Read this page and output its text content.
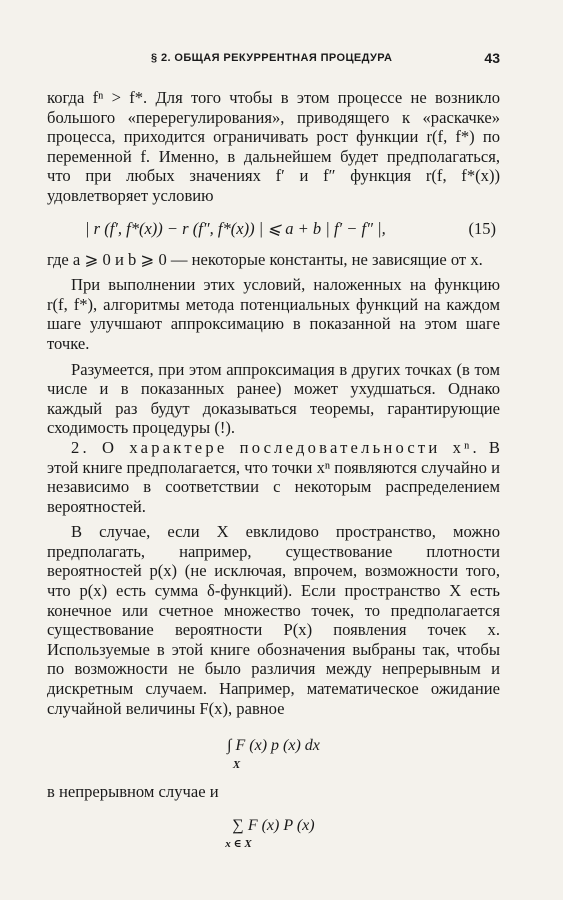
§ 2. ОБЩАЯ РЕКУРРЕНТНАЯ ПРОЦЕДУРА	43

когда fⁿ > f*. Для того чтобы в этом процессе не возникло большого «перерегулирования», приводящего к «раскачке» процесса, приходится ограничивать рост функции r(f, f*) по переменной f. Именно, в дальнейшем будет предполагаться, что при любых значениях f′ и f″ функция r(f, f*(x)) удовлетворяет условию

| r (f′, f*(x)) − r (f″, f*(x)) | ⩽ a + b | f′ − f″ |,	(15)

где a ⩾ 0 и b ⩾ 0 — некоторые константы, не зависящие от x.

При выполнении этих условий, наложенных на функцию r(f, f*), алгоритмы метода потенциальных функций на каждом шаге улучшают аппроксимацию в показанной на этом шаге точке.

Разумеется, при этом аппроксимация в других точках (в том числе и в показанных ранее) может ухудшаться. Однако каждый раз будут доказываться теоремы, гарантирующие сходимость процедуры (!).

2. О характере последовательности xⁿ. В этой книге предполагается, что точки xⁿ появляются случайно и независимо в соответствии с некоторым распределением вероятностей.

В случае, если X евклидово пространство, можно предполагать, например, существование плотности вероятностей p(x) (не исключая, впрочем, возможности того, что p(x) есть сумма δ-функций). Если пространство X есть конечное или счетное множество точек, то предполагается существование вероятности P(x) появления точек x. Используемые в этой книге обозначения выбраны так, чтобы по возможности не было различия между непрерывным и дискретным случаем. Например, математическое ожидание случайной величины F(x), равное

∫ F (x) p (x) dx
X

в непрерывном случае и

∑ F (x) P (x)
x ∈ X
